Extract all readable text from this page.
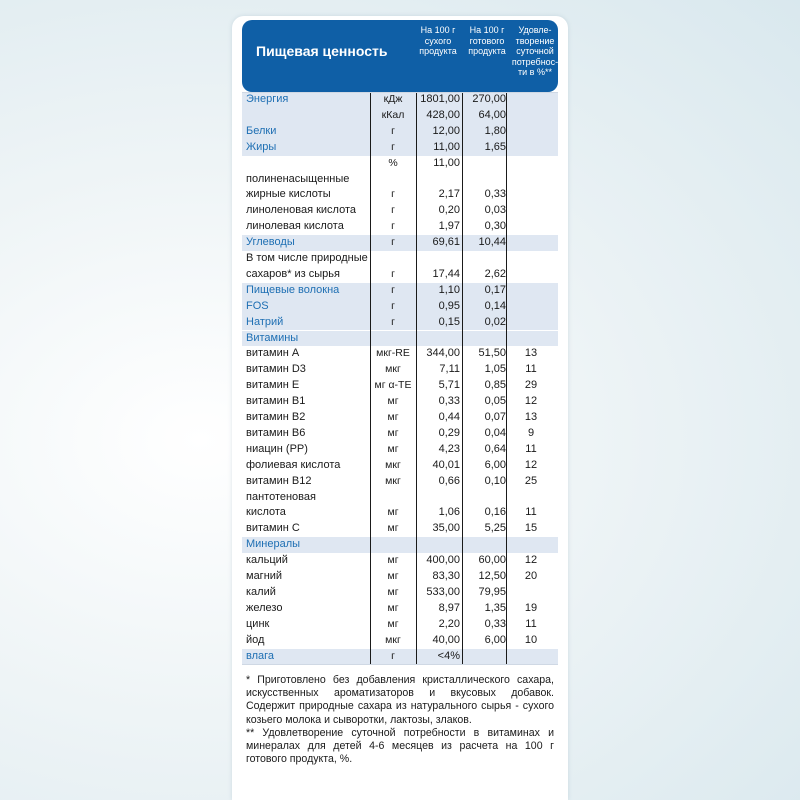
Пищевая ценность
На 100 г сухого продукта
На 100 г готового продукта
Удовле-творение суточной потребнос-ти в %**
Энергия	кДж	1801,00	270,00
кКал	428,00	64,00
Белки	г	12,00	1,80
Жиры	г	11,00	1,65
%	11,00
полиненасыщенные
жирные кислоты	г	2,17	0,33
линоленовая кислота	г	0,20	0,03
линолевая кислота	г	1,97	0,30
Углеводы	г	69,61	10,44
В том числе природные
сахаров* из сырья	г	17,44	2,62
Пищевые волокна	г	1,10	0,17
FOS	г	0,95	0,14
Натрий	г	0,15	0,02
Витамины
витамин А	мкг-RE	344,00	51,50	13
витамин D3	мкг	7,11	1,05	11
витамин Е	мг α-TE	5,71	0,85	29
витамин B1	мг	0,33	0,05	12
витамин B2	мг	0,44	0,07	13
витамин B6	мг	0,29	0,04	9
ниацин (PP)	мг	4,23	0,64	11
фолиевая кислота	мкг	40,01	6,00	12
витамин B12	мкг	0,66	0,10	25
пантотеновая
кислота	мг	1,06	0,16	11
витамин С	мг	35,00	5,25	15
Минералы
кальций	мг	400,00	60,00	12
магний	мг	83,30	12,50	20
калий	мг	533,00	79,95
железо	мг	8,97	1,35	19
цинк	мг	2,20	0,33	11
йод	мкг	40,00	6,00	10
влага	г	<4%

* Приготовлено без добавления кристаллического сахара, искусственных ароматизаторов и вкусовых добавок. Содержит природные сахара из натурального сырья - сухого козьего молока и сыворотки, лактозы, злаков.

** Удовлетворение суточной потребности в витаминах и минералах для детей 4-6 месяцев из расчета на 100 г готового продукта, %.
